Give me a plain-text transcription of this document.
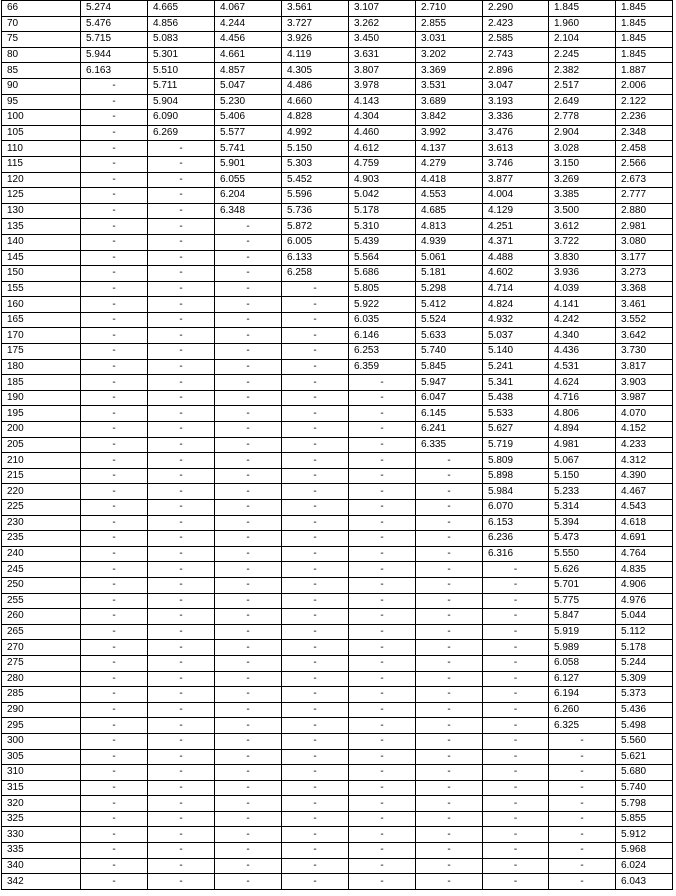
66	5.274	4.665	4.067	3.561	3.107	2.710	2.290	1.845	1.845
70	5.476	4.856	4.244	3.727	3.262	2.855	2.423	1.960	1.845
75	5.715	5.083	4.456	3.926	3.450	3.031	2.585	2.104	1.845
80	5.944	5.301	4.661	4.119	3.631	3.202	2.743	2.245	1.845
85	6.163	5.510	4.857	4.305	3.807	3.369	2.896	2.382	1.887
90	-	5.711	5.047	4.486	3.978	3.531	3.047	2.517	2.006
95	-	5.904	5.230	4.660	4.143	3.689	3.193	2.649	2.122
100	-	6.090	5.406	4.828	4.304	3.842	3.336	2.778	2.236
105	-	6.269	5.577	4.992	4.460	3.992	3.476	2.904	2.348
110	-	-	5.741	5.150	4.612	4.137	3.613	3.028	2.458
115	-	-	5.901	5.303	4.759	4.279	3.746	3.150	2.566
120	-	-	6.055	5.452	4.903	4.418	3.877	3.269	2.673
125	-	-	6.204	5.596	5.042	4.553	4.004	3.385	2.777
130	-	-	6.348	5.736	5.178	4.685	4.129	3.500	2.880
135	-	-	-	5.872	5.310	4.813	4.251	3.612	2.981
140	-	-	-	6.005	5.439	4.939	4.371	3.722	3.080
145	-	-	-	6.133	5.564	5.061	4.488	3.830	3.177
150	-	-	-	6.258	5.686	5.181	4.602	3.936	3.273
155	-	-	-	-	5.805	5.298	4.714	4.039	3.368
160	-	-	-	-	5.922	5.412	4.824	4.141	3.461
165	-	-	-	-	6.035	5.524	4.932	4.242	3.552
170	-	-	-	-	6.146	5.633	5.037	4.340	3.642
175	-	-	-	-	6.253	5.740	5.140	4.436	3.730
180	-	-	-	-	6.359	5.845	5.241	4.531	3.817
185	-	-	-	-	-	5.947	5.341	4.624	3.903
190	-	-	-	-	-	6.047	5.438	4.716	3.987
195	-	-	-	-	-	6.145	5.533	4.806	4.070
200	-	-	-	-	-	6.241	5.627	4.894	4.152
205	-	-	-	-	-	6.335	5.719	4.981	4.233
210	-	-	-	-	-	-	5.809	5.067	4.312
215	-	-	-	-	-	-	5.898	5.150	4.390
220	-	-	-	-	-	-	5.984	5.233	4.467
225	-	-	-	-	-	-	6.070	5.314	4.543
230	-	-	-	-	-	-	6.153	5.394	4.618
235	-	-	-	-	-	-	6.236	5.473	4.691
240	-	-	-	-	-	-	6.316	5.550	4.764
245	-	-	-	-	-	-	-	5.626	4.835
250	-	-	-	-	-	-	-	5.701	4.906
255	-	-	-	-	-	-	-	5.775	4.976
260	-	-	-	-	-	-	-	5.847	5.044
265	-	-	-	-	-	-	-	5.919	5.112
270	-	-	-	-	-	-	-	5.989	5.178
275	-	-	-	-	-	-	-	6.058	5.244
280	-	-	-	-	-	-	-	6.127	5.309
285	-	-	-	-	-	-	-	6.194	5.373
290	-	-	-	-	-	-	-	6.260	5.436
295	-	-	-	-	-	-	-	6.325	5.498
300	-	-	-	-	-	-	-	-	5.560
305	-	-	-	-	-	-	-	-	5.621
310	-	-	-	-	-	-	-	-	5.680
315	-	-	-	-	-	-	-	-	5.740
320	-	-	-	-	-	-	-	-	5.798
325	-	-	-	-	-	-	-	-	5.855
330	-	-	-	-	-	-	-	-	5.912
335	-	-	-	-	-	-	-	-	5.968
340	-	-	-	-	-	-	-	-	6.024
342	-	-	-	-	-	-	-	-	6.043
